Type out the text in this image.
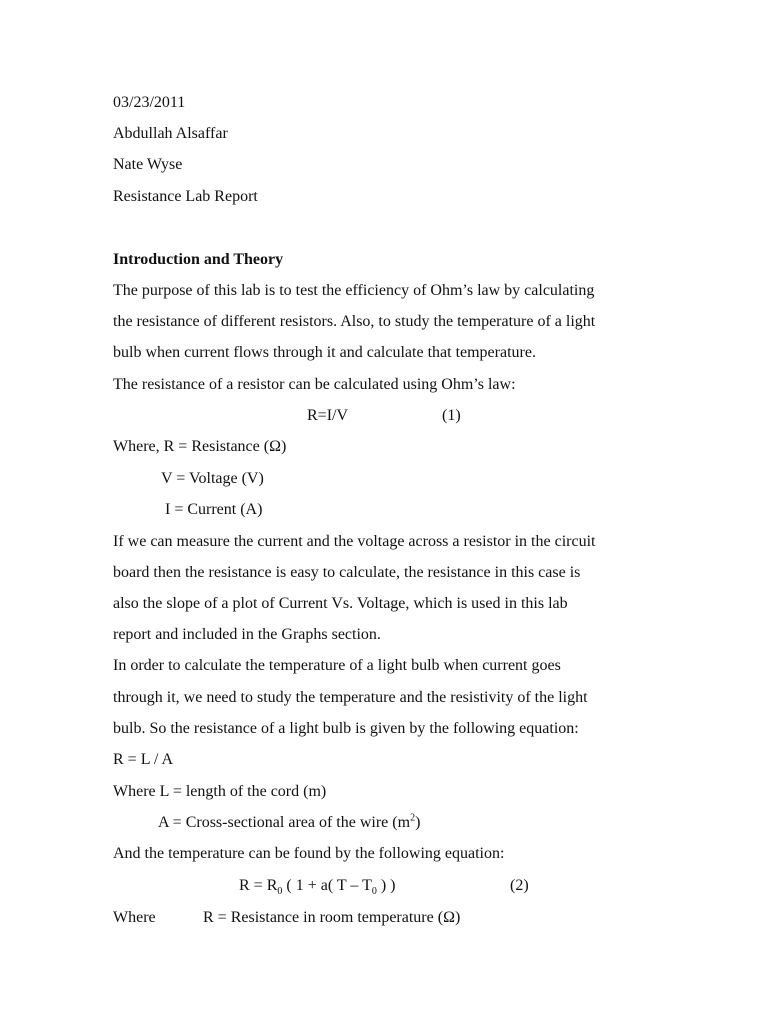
03/23/2011
Abdullah Alsaffar
Nate Wyse
Resistance Lab Report
Introduction and Theory
The purpose of this lab is to test the efficiency of Ohm’s law by calculating
the resistance of different resistors. Also, to study the temperature of a light
bulb when current flows through it and calculate that temperature.
The resistance of a resistor can be calculated using Ohm’s law:
R=I/V	(1)
Where, R = Resistance (Ω)
V = Voltage (V)
I = Current (A)
If we can measure the current and the voltage across a resistor in the circuit
board then the resistance is easy to calculate, the resistance in this case is
also the slope of a plot of Current Vs. Voltage, which is used in this lab
report and included in the Graphs section.
In order to calculate the temperature of a light bulb when current goes
through it, we need to study the temperature and the resistivity of the light
bulb. So the resistance of a light bulb is given by the following equation:
R = L / A
Where L = length of the cord (m)
A = Cross-sectional area of the wire $(m^2)$
And the temperature can be found by the following equation:
$R = R_0$ ( 1 + a( T – $T_0$ ) )	(2)
Where	R = Resistance in room temperature (Ω)
